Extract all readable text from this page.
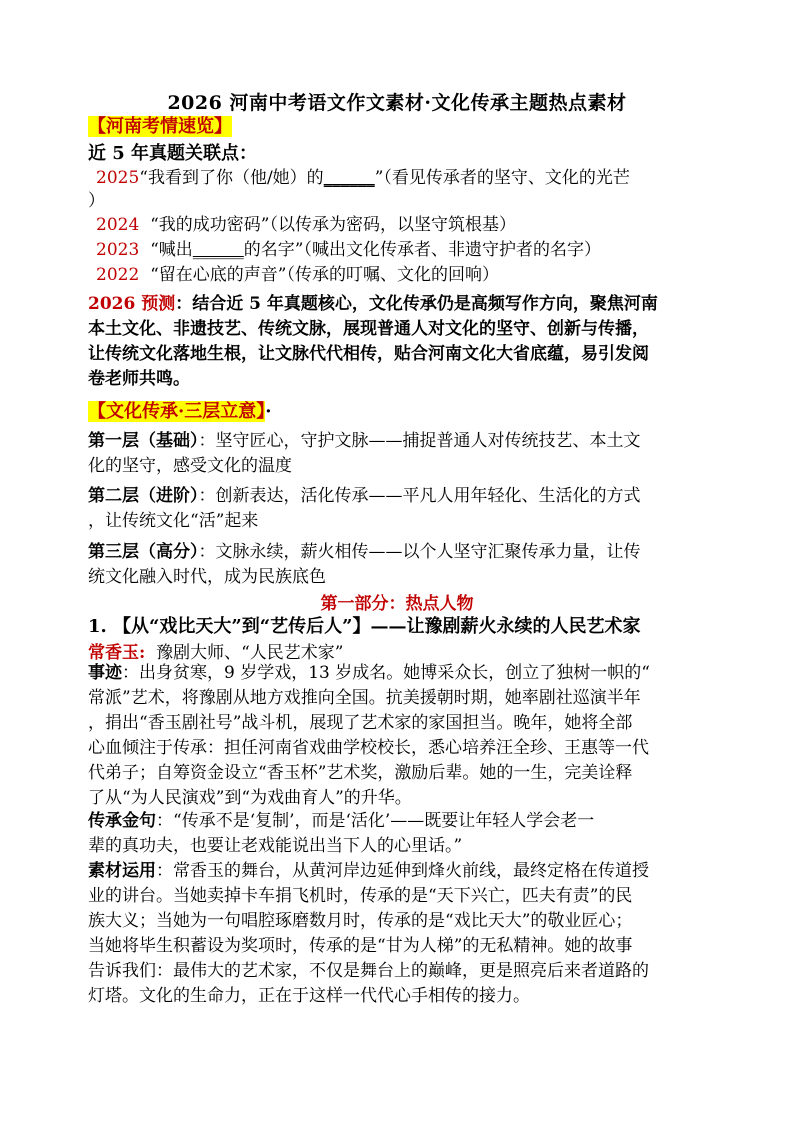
2026 河南中考语文作文素材·文化传承主题热点素材
【河南考情速览】
近 5 年真题关联点：
2025“我看到了你（他/她）的______”（看见传承者的坚守、文化的光芒
）
2024 “我的成功密码”（以传承为密码，以坚守筑根基）
2023 “喊出______的名字”（喊出文化传承者、非遗守护者的名字）
2022 “留在心底的声音”（传承的叮嘱、文化的回响）
2026 预测：结合近 5 年真题核心，文化传承仍是高频写作方向，聚焦河南
本土文化、非遗技艺、传统文脉，展现普通人对文化的坚守、创新与传播，
让传统文化落地生根，让文脉代代相传，贴合河南文化大省底蕴，易引发阅
卷老师共鸣。
【文化传承·三层立意】·
第一层（基础）：坚守匠心，守护文脉——捕捉普通人对传统技艺、本土文
化的坚守，感受文化的温度
第二层（进阶）：创新表达，活化传承——平凡人用年轻化、生活化的方式
，让传统文化“活”起来
第三层（高分）：文脉永续，薪火相传——以个人坚守汇聚传承力量，让传
统文化融入时代，成为民族底色
第一部分：热点人物
1. 【从“戏比天大”到“艺传后人”】——让豫剧薪火永续的人民艺术家
常香玉: 豫剧大师、“人民艺术家”
事迹：出身贫寒，9 岁学戏，13 岁成名。她博采众长，创立了独树一帜的“
常派”艺术，将豫剧从地方戏推向全国。抗美援朝时期，她率剧社巡演半年
，捐出“香玉剧社号”战斗机，展现了艺术家的家国担当。晚年，她将全部
心血倾注于传承：担任河南省戏曲学校校长，悉心培养汪全珍、王惠等一代
代弟子；自筹资金设立“香玉杯”艺术奖，激励后辈。她的一生，完美诠释
了从“为人民演戏”到“为戏曲育人”的升华。
传承金句：“传承不是‘复制’，而是‘活化’——既要让年轻人学会老一
辈的真功夫，也要让老戏能说出当下人的心里话。”
素材运用：常香玉的舞台，从黄河岸边延伸到烽火前线，最终定格在传道授
业的讲台。当她卖掉卡车捐飞机时，传承的是“天下兴亡，匹夫有责”的民
族大义；当她为一句唱腔琢磨数月时，传承的是“戏比天大”的敬业匠心；
当她将毕生积蓄设为奖项时，传承的是“甘为人梯”的无私精神。她的故事
告诉我们：最伟大的艺术家，不仅是舞台上的巅峰，更是照亮后来者道路的
灯塔。文化的生命力，正在于这样一代代心手相传的接力。
